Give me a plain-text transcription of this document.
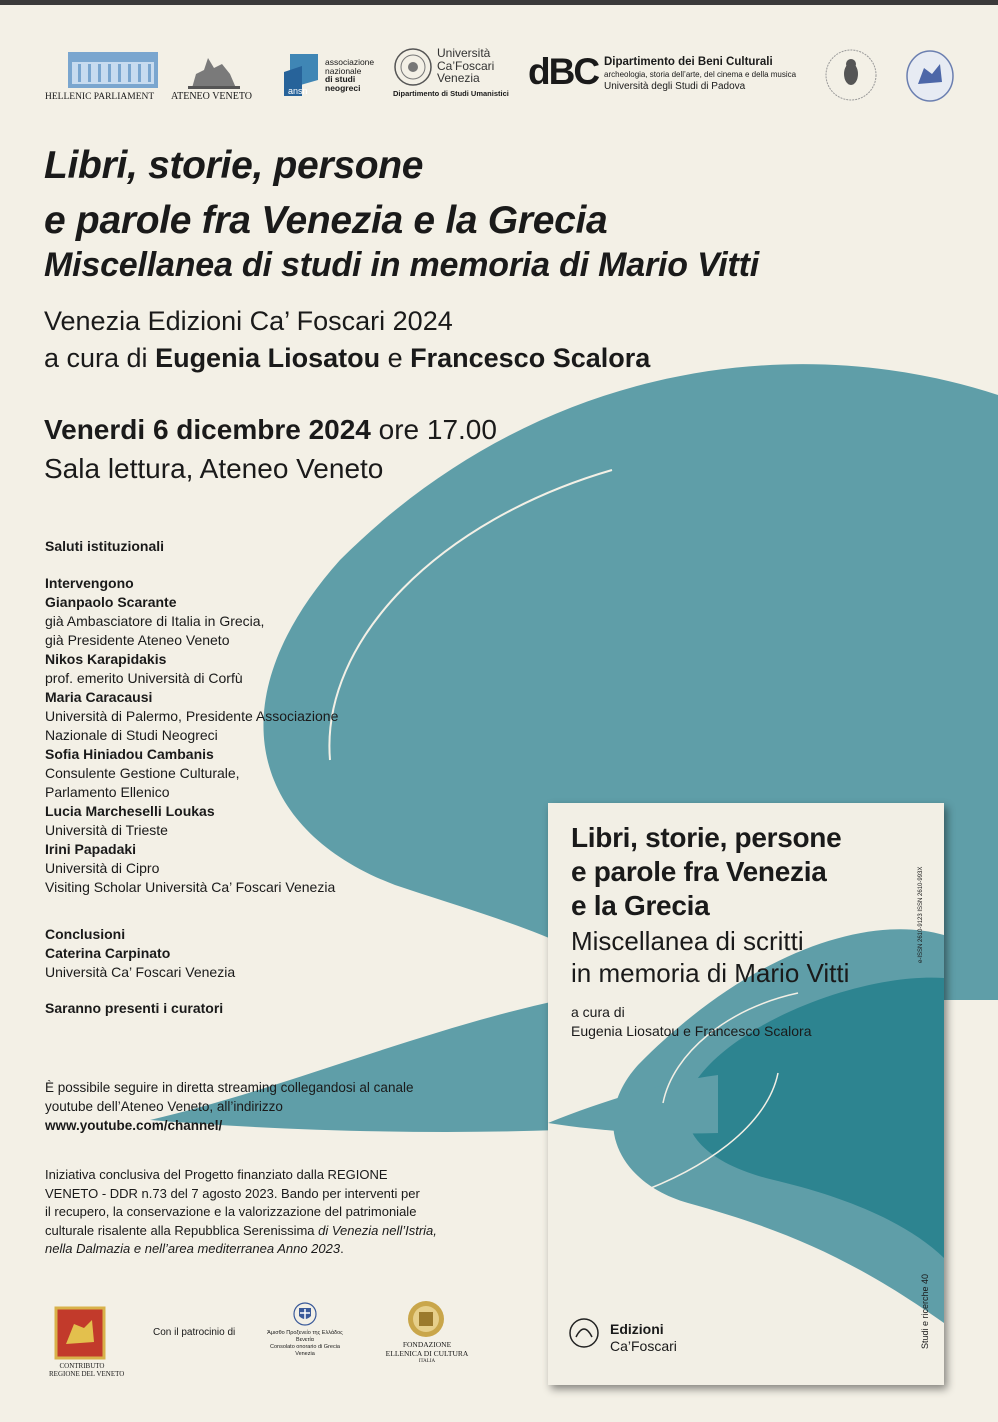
HELLENIC PARLIAMENT ATENEO VENETO	ansn
associazione
nazionale
di studi
neogreci
Università
Ca’Foscari
Venezia
Dipartimento di Studi Umanistici
dBC Dipartimento dei Beni Culturali
archeologia, storia dell’arte, del cinema e della musica
Università degli Studi di Padova
Libri, storie, persone
e parole fra Venezia e la Grecia
Miscellanea di studi in memoria di Mario Vitti
Venezia Edizioni Ca’ Foscari 2024
a cura di Eugenia Liosatou e Francesco Scalora
Venerdi 6 dicembre 2024 ore 17.00
Sala lettura, Ateneo Veneto
Saluti istituzionali
Intervengono
Gianpaolo Scarante
già Ambasciatore di Italia in Grecia,
già Presidente Ateneo Veneto
Nikos Karapidakis
prof. emerito Università di Corfù
Maria Caracausi
Università di Palermo, Presidente Associazione
Nazionale di Studi Neogreci
Sofia Hiniadou Cambanis
Consulente Gestione Culturale,
Parlamento Ellenico
Lucia Marcheselli Loukas
Università di Trieste
Irini Papadaki
Università di Cipro
Visiting Scholar Università Ca’ Foscari Venezia
Conclusioni
Caterina Carpinato
Università Ca’ Foscari Venezia
Saranno presenti i curatori
È possibile seguire in diretta streaming collegandosi al canale
youtube dell’Ateneo Veneto, all’indirizzo
www.youtube.com/channel/
Iniziativa conclusiva del Progetto finanziato dalla REGIONE
VENETO - DDR n.73 del 7 agosto 2023. Bando per interventi per
il recupero, la conservazione e la valorizzazione del patrimoniale
culturale risalente alla Repubblica Serenissima di Venezia nell’Istria,
nella Dalmazia e nell’area mediterranea Anno 2023.
CONTRIBUTO
REGIONE DEL VENETO
Con il patrocinio di	Άμισθο Προξενείο της Ελλάδος
Βενετία
Consolato onorario di Grecia
Venezia
FONDAZIONE
ELLENICA DI CULTURA
ITALIA
Libri, storie, persone
e parole fra Venezia
e la Grecia
Miscellanea di scritti
in memoria di Mario Vitti
a cura di
Eugenia Liosatou e Francesco Scalora
e-ISSN 2610-9123 ISSN 2610-993X
Studi e ricerche 40
Edizioni
Ca’Foscari
